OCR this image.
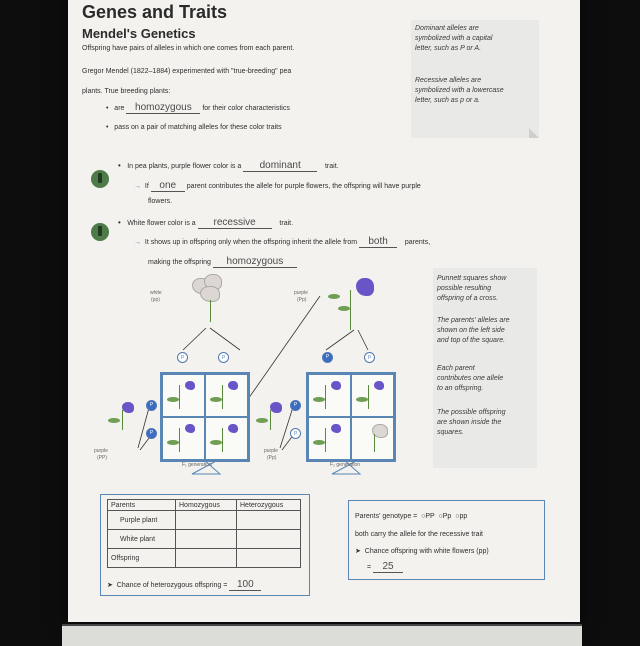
Genes and Traits
Mendel's Genetics
Offspring have pairs of alleles in which one comes from each parent.
Gregor Mendel (1822–1884) experimented with "true-breeding" pea
plants. True breeding plants:
•   are homozygous for their color characteristics
•   pass on a pair of matching alleles for these color traits
Dominant alleles are
symbolized with a capital
letter, such as P or A.
Recessive alleles are
symbolized with a lowercase
letter, such as p or a.
•   In pea plants, purple flower color is a dominant	trait.
→  If one parent contributes the allele for purple flowers, the offspring will have purple
flowers.
•   White flower color is a recessive	trait.
→  It shows up in offspring only when the offspring inherit the allele from both parents,
making the offspring homozygous
white
(pp)
purple
(Pp)
p	p	P	p
P
P
P
p
purple
(PP)
purple
(Pp)
F₁ generation	F₂ generation
Punnett squares show
possible resulting
offspring of a cross.
The parents' alleles are
shown on the left side
and top of the square.
Each parent
contributes one allele
to an offspring.
The possible offspring
are shown inside the
squares.
Parents	Homozygous	Heterozygous
Purple plant		
White plant		
Offspring		
➤  Chance of heterozygous offspring = 100
Parents' genotype =  ○PP  ○Pp  ○pp
both carry the allele for the recessive trait
➤  Chance offspring with white flowers (pp)
= 25
